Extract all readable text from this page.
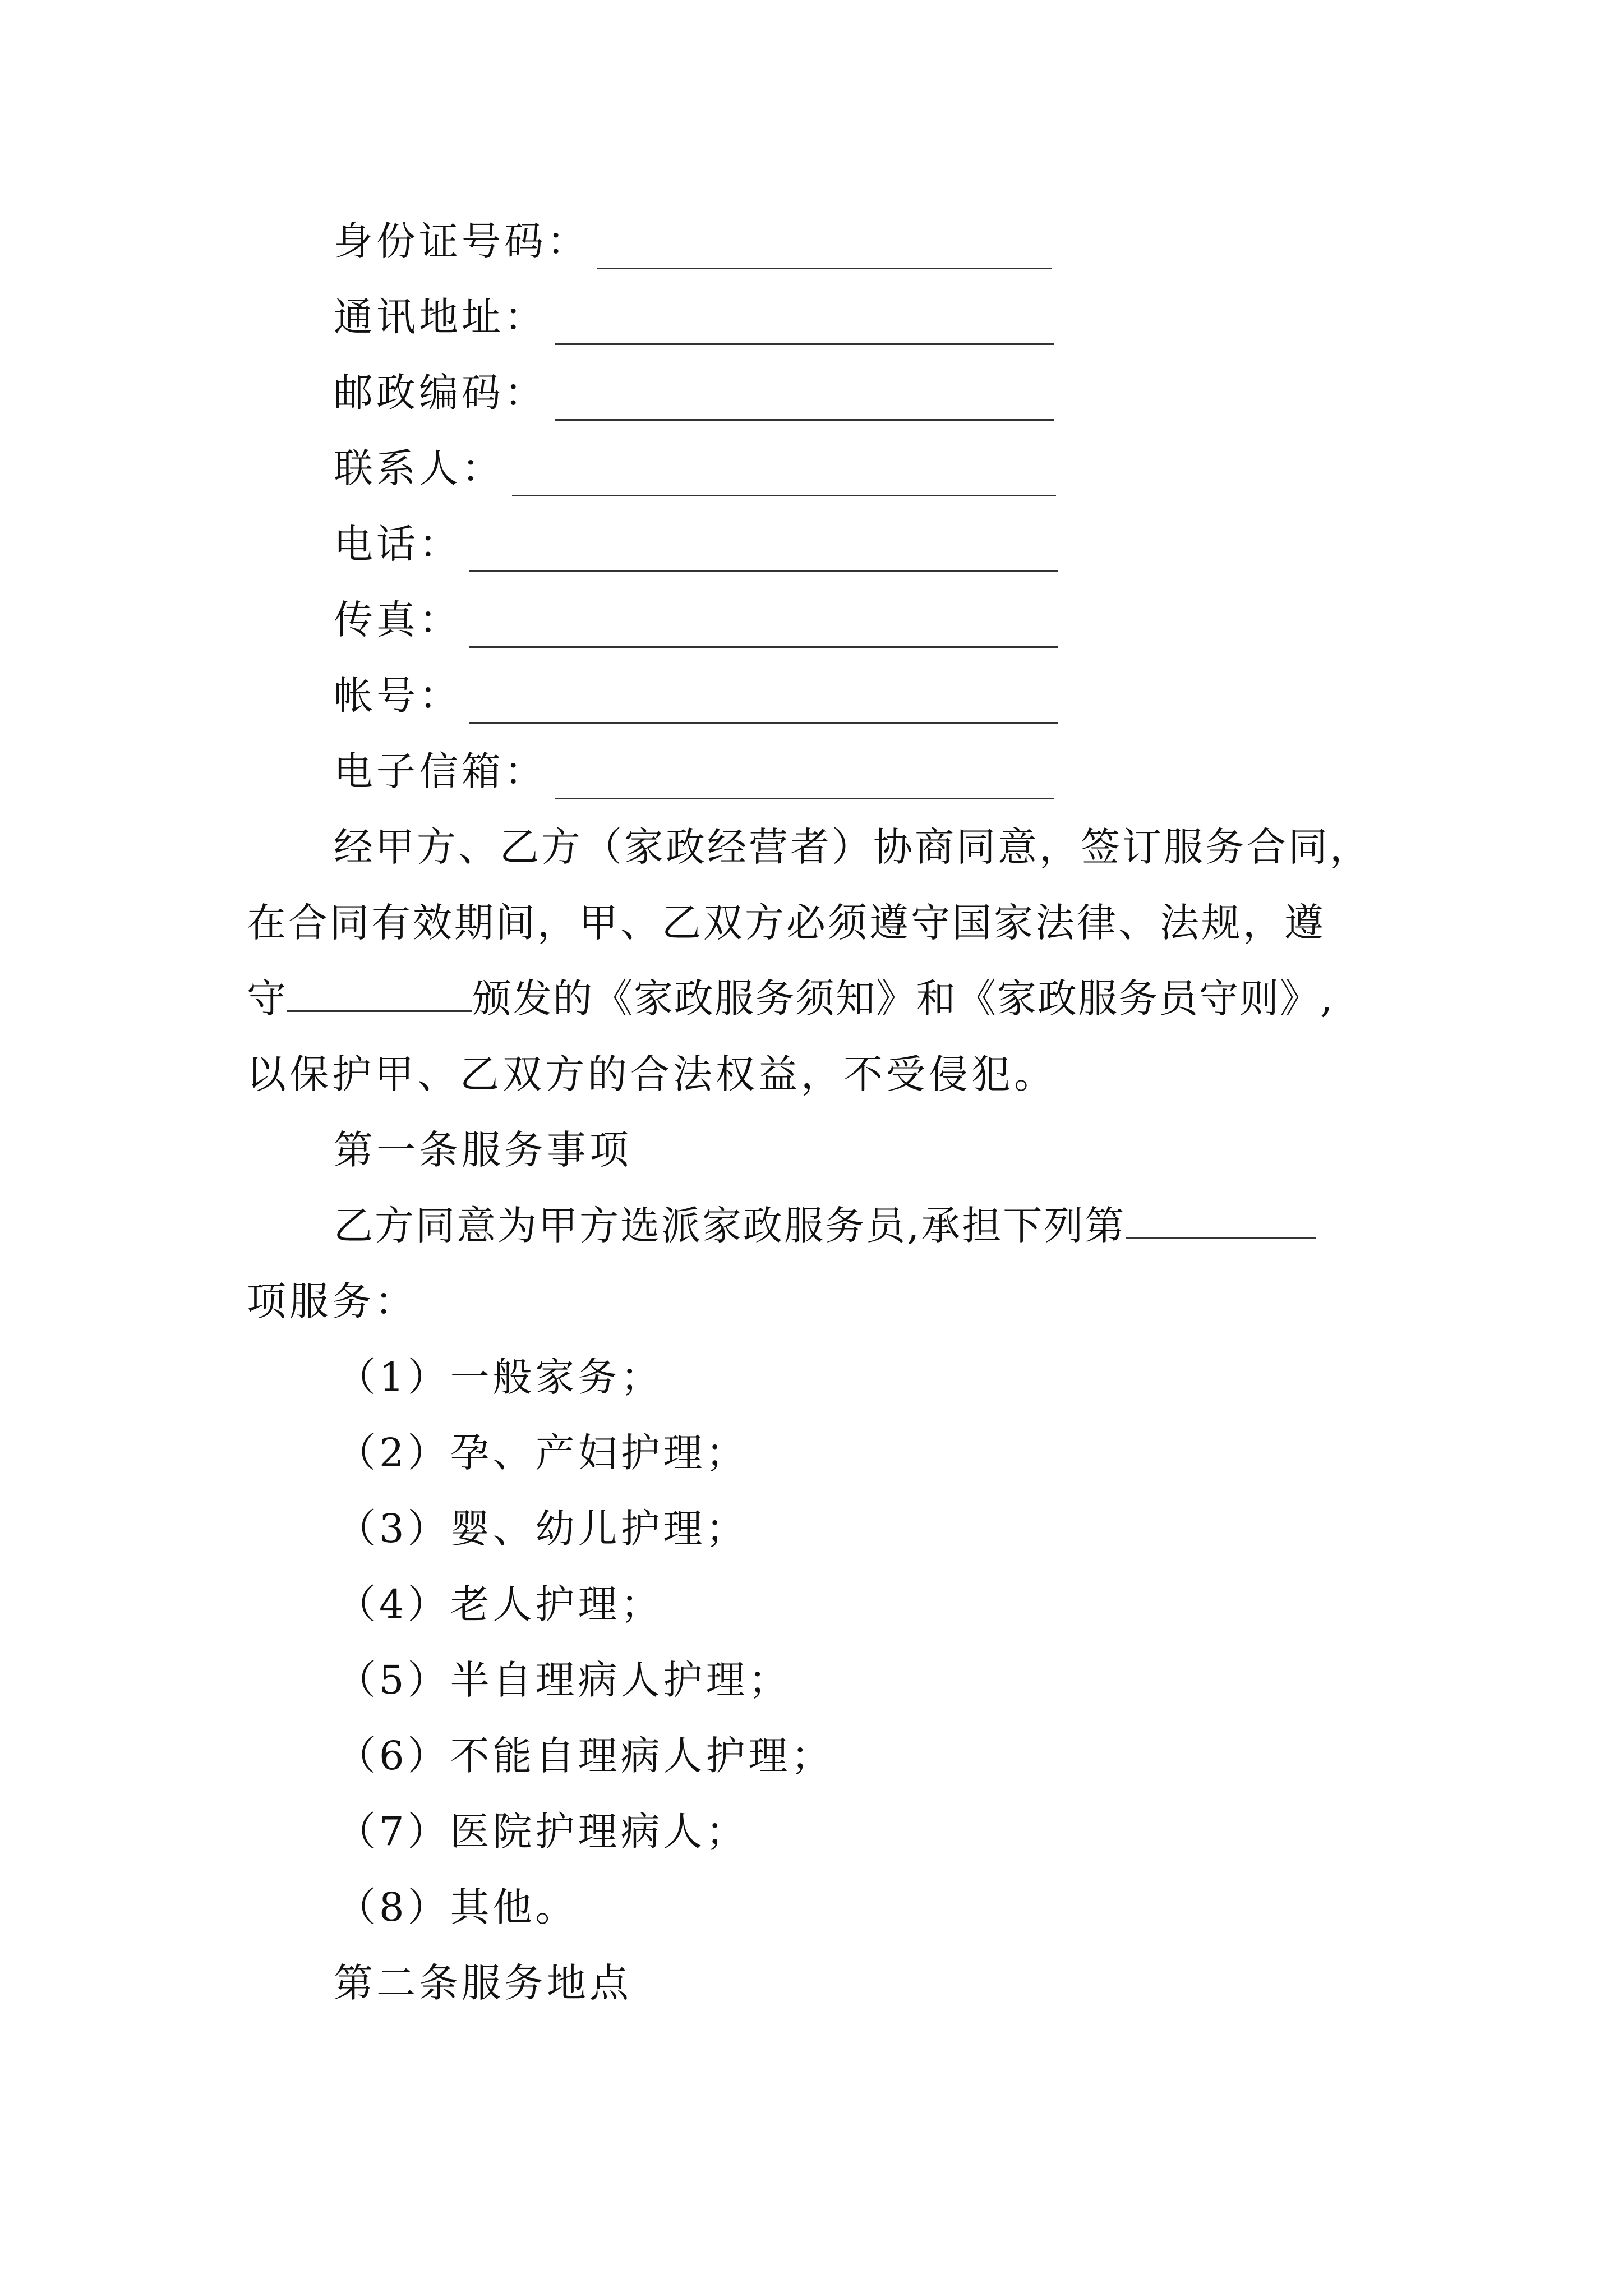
身份证号码：
通讯地址：
邮政编码：
联系人：
电话：
传真：
帐号：
电子信箱：
经甲方、乙方（家政经营者）协商同意，签订服务合同，
在合同有效期间，甲、乙双方必须遵守国家法律、法规，遵
守	颁发的《家政服务须知》和《家政服务员守则》,
以保护甲、乙双方的合法权益，不受侵犯。
第一条服务事项
乙方同意为甲方选派家政服务员,承担下列第
项服务：
（1）一般家务；
（2）孕、产妇护理；
（3）婴、幼儿护理；
（4）老人护理；
（5）半自理病人护理；
（6）不能自理病人护理；
（7）医院护理病人；
（8）其他。
第二条服务地点
